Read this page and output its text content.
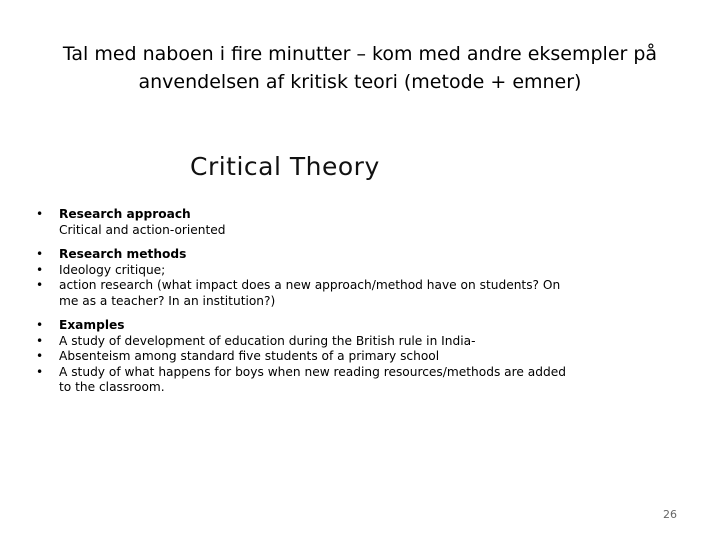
Tal med naboen i fire minutter – kom med andre eksempler på anvendelsen af kritisk teori (metode + emner)
Critical Theory
•	Research approach
Critical and action-oriented
•	Research methods
•	Ideology critique;
•	action research (what impact does a new approach/method have on students? On me as a teacher? In an institution?)
•	Examples
•	A study of development of education during the British rule in India-
•	Absenteism among standard five students of a primary school
•	A study of what happens for boys when new reading resources/methods are added to the classroom.
26
